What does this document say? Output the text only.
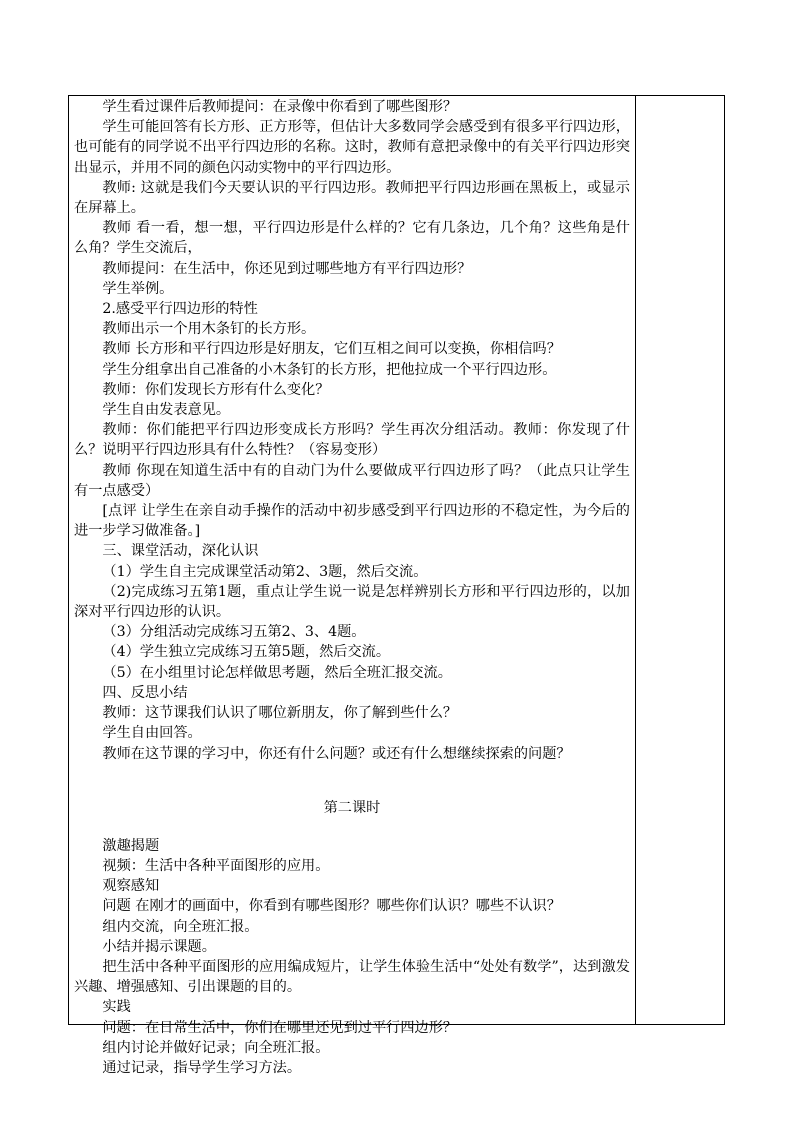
学生看过课件后教师提问：在录像中你看到了哪些图形？

学生可能回答有长方形、正方形等，但估计大多数同学会感受到有很多平行四边形，也可能有的同学说不出平行四边形的名称。这时，教师有意把录像中的有关平行四边形突出显示，并用不同的颜色闪动实物中的平行四边形。

教师: 这就是我们今天要认识的平行四边形。教师把平行四边形画在黑板上，或显示在屏幕上。

教师 看一看，想一想，平行四边形是什么样的？它有几条边，几个角？这些角是什么角？学生交流后，

教师提问：在生活中，你还见到过哪些地方有平行四边形？

学生举例。

2.感受平行四边形的特性

教师出示一个用木条钉的长方形。

教师 长方形和平行四边形是好朋友，它们互相之间可以变换，你相信吗？

学生分组拿出自己准备的小木条钉的长方形，把他拉成一个平行四边形。

教师：你们发现长方形有什么变化？

学生自由发表意见。

教师：你们能把平行四边形变成长方形吗？学生再次分组活动。教师：你发现了什么？说明平行四边形具有什么特性？（容易变形）

教师 你现在知道生活中有的自动门为什么要做成平行四边形了吗？（此点只让学生有一点感受）

[点评 让学生在亲自动手操作的活动中初步感受到平行四边形的不稳定性，为今后的进一步学习做准备。]

三、课堂活动，深化认识

（1）学生自主完成课堂活动第2、3题，然后交流。

（2)完成练习五第1题，重点让学生说一说是怎样辨别长方形和平行四边形的，以加深对平行四边形的认识。

（3）分组活动完成练习五第2、3、4题。

（4）学生独立完成练习五第5题，然后交流。

（5）在小组里讨论怎样做思考题，然后全班汇报交流。

四、反思小结

教师：这节课我们认识了哪位新朋友，你了解到些什么？

学生自由回答。

教师在这节课的学习中，你还有什么问题？或还有什么想继续探索的问题？

第二课时

激趣揭题

视频：生活中各种平面图形的应用。

观察感知

问题 在刚才的画面中，你看到有哪些图形？哪些你们认识？哪些不认识？

组内交流，向全班汇报。

小结并揭示课题。

把生活中各种平面图形的应用编成短片，让学生体验生活中“处处有数学”，达到激发兴趣、增强感知、引出课题的目的。

实践

问题：在日常生活中，你们在哪里还见到过平行四边形？

组内讨论并做好记录；向全班汇报。

通过记录，指导学生学习方法。
